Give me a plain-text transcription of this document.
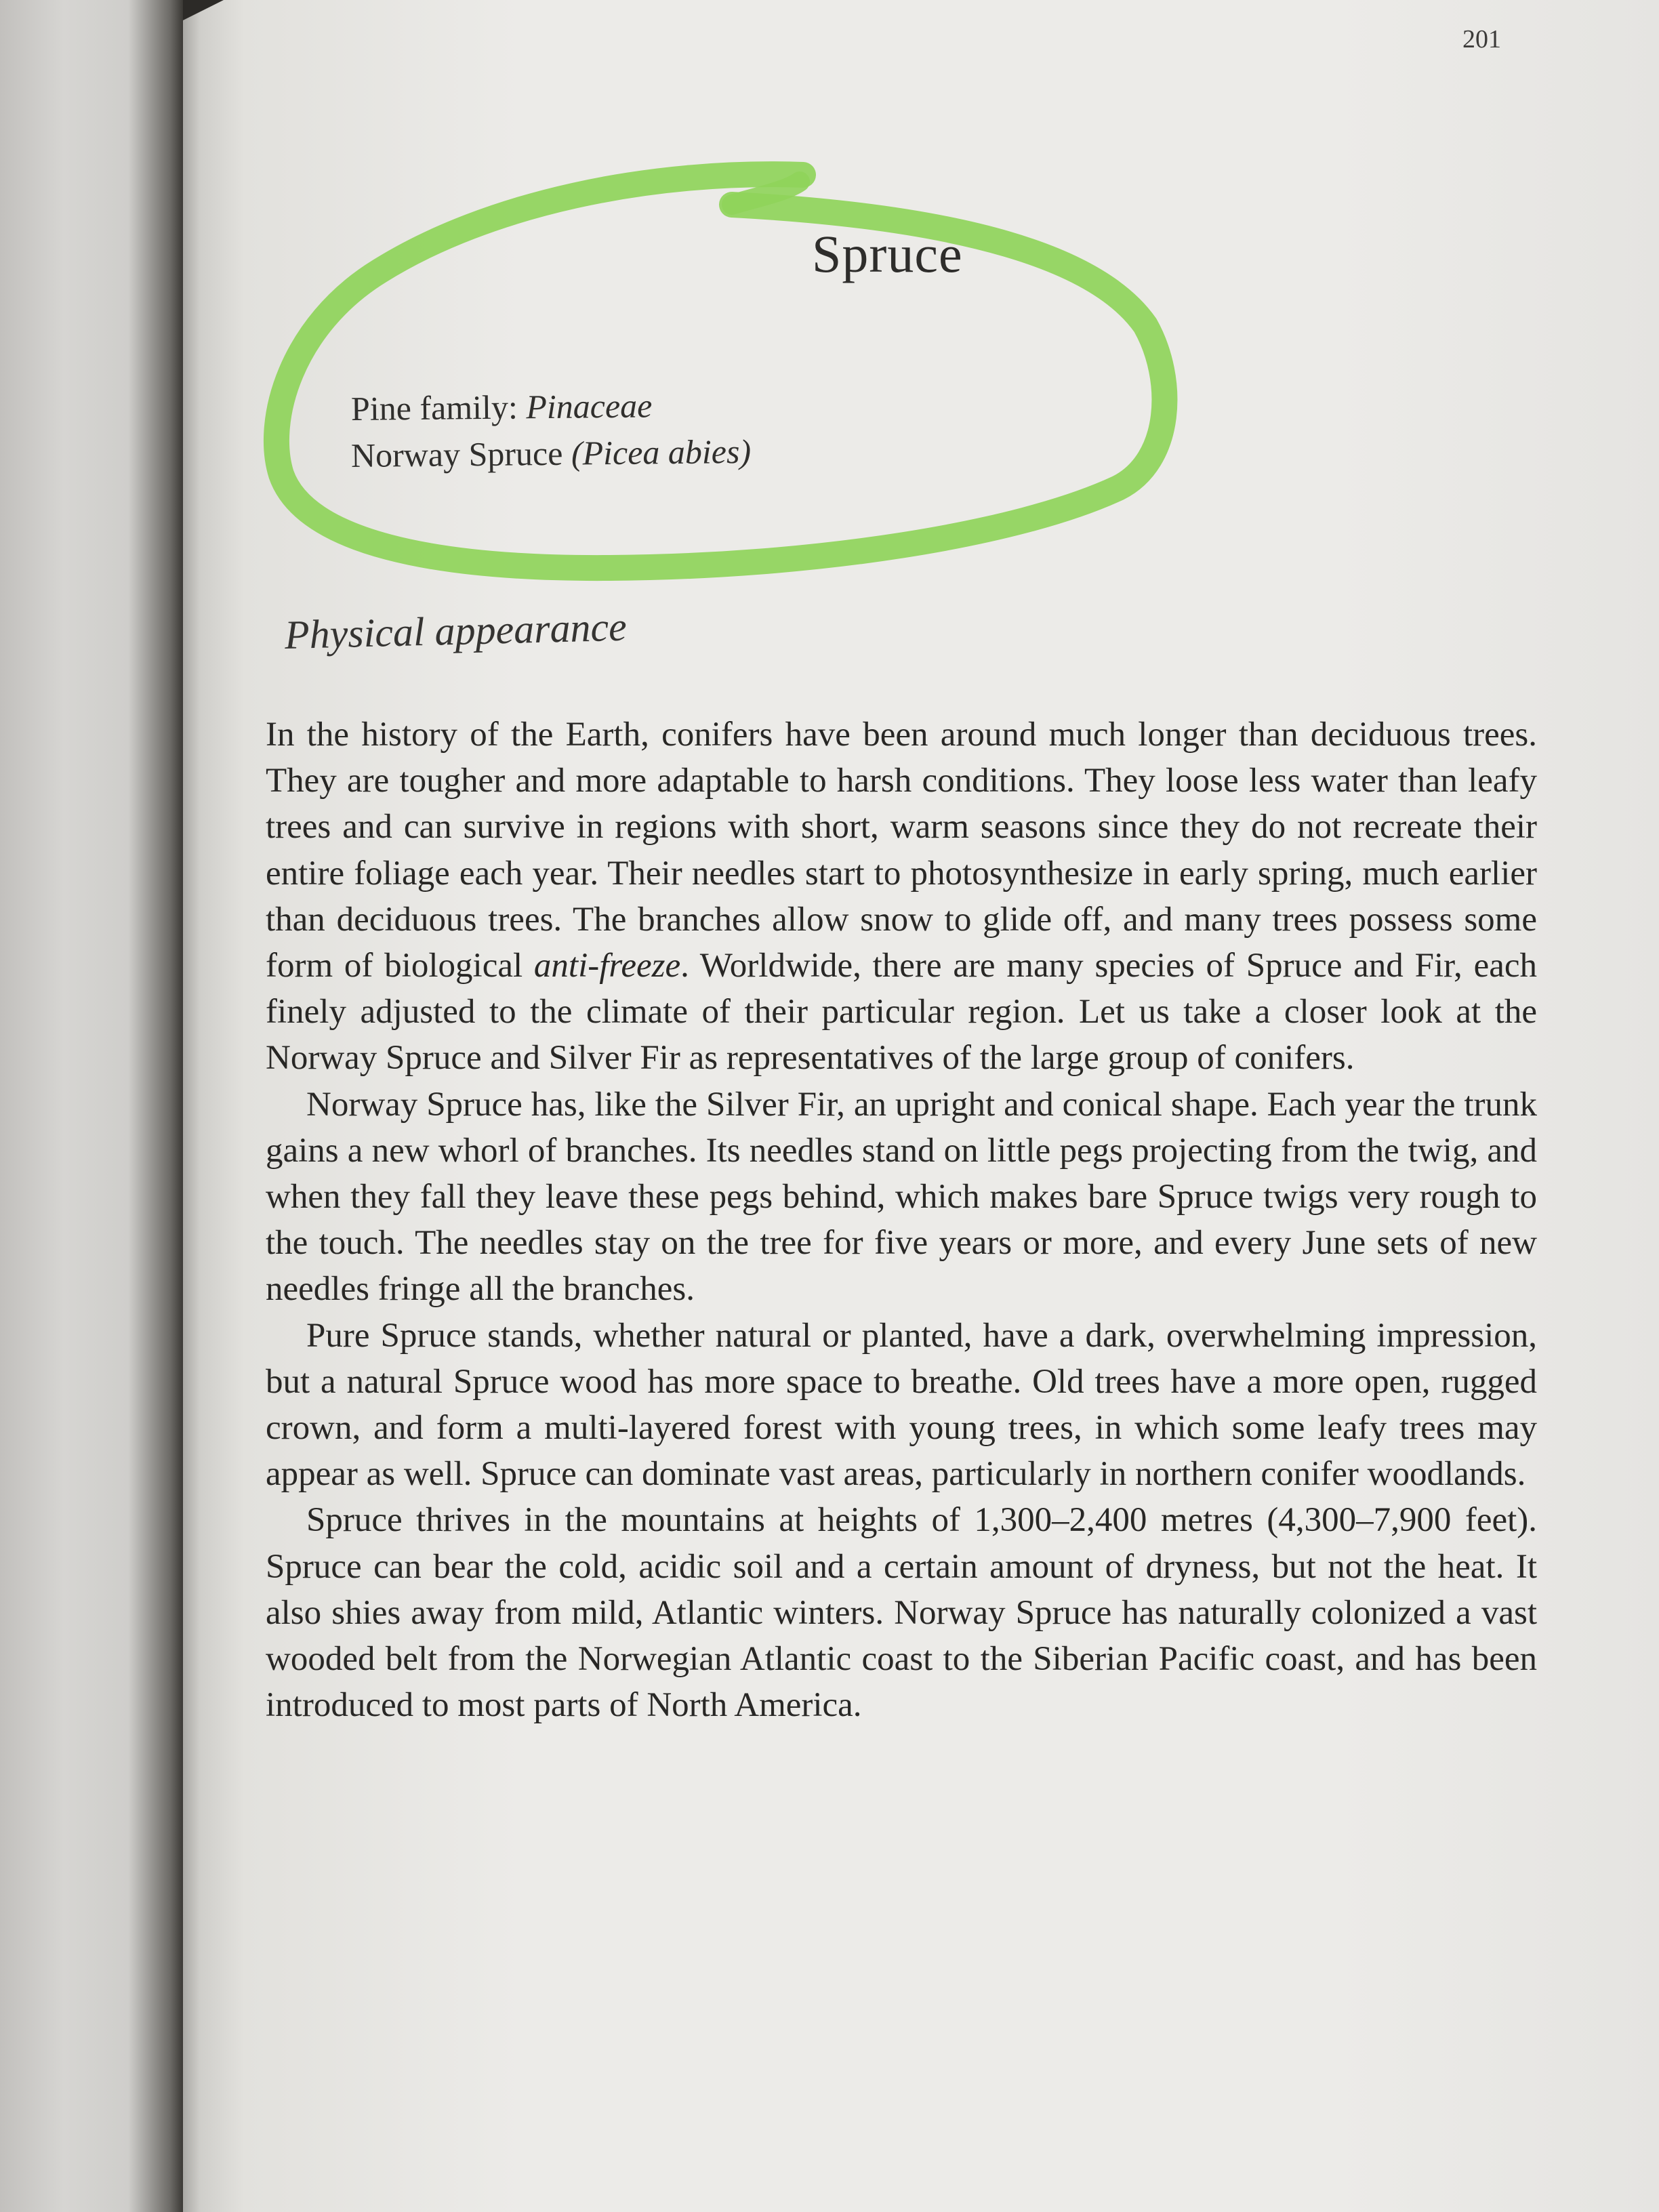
201
Spruce
Pine family: Pinaceae
Norway Spruce (Picea abies)
Physical appearance

In the history of the Earth, conifers have been around much longer than deciduous trees. They are tougher and more adaptable to harsh conditions. They loose less water than leafy trees and can survive in regions with short, warm seasons since they do not recreate their entire foliage each year. Their needles start to photosynthesize in early spring, much earlier than deciduous trees. The branches allow snow to glide off, and many trees possess some form of biological anti-freeze. Worldwide, there are many species of Spruce and Fir, each finely adjusted to the climate of their particular region. Let us take a closer look at the Norway Spruce and Silver Fir as representatives of the large group of conifers.

Norway Spruce has, like the Silver Fir, an upright and conical shape. Each year the trunk gains a new whorl of branches. Its needles stand on little pegs projecting from the twig, and when they fall they leave these pegs behind, which makes bare Spruce twigs very rough to the touch. The needles stay on the tree for five years or more, and every June sets of new needles fringe all the branches.

Pure Spruce stands, whether natural or planted, have a dark, overwhelming impression, but a natural Spruce wood has more space to breathe. Old trees have a more open, rugged crown, and form a multi-layered forest with young trees, in which some leafy trees may appear as well. Spruce can dominate vast areas, particularly in northern conifer woodlands.

Spruce thrives in the mountains at heights of 1,300–2,400 metres (4,300–7,900 feet). Spruce can bear the cold, acidic soil and a certain amount of dryness, but not the heat. It also shies away from mild, Atlantic winters. Norway Spruce has naturally colonized a vast wooded belt from the Norwegian Atlantic coast to the Siberian Pacific coast, and has been introduced to most parts of North America.
